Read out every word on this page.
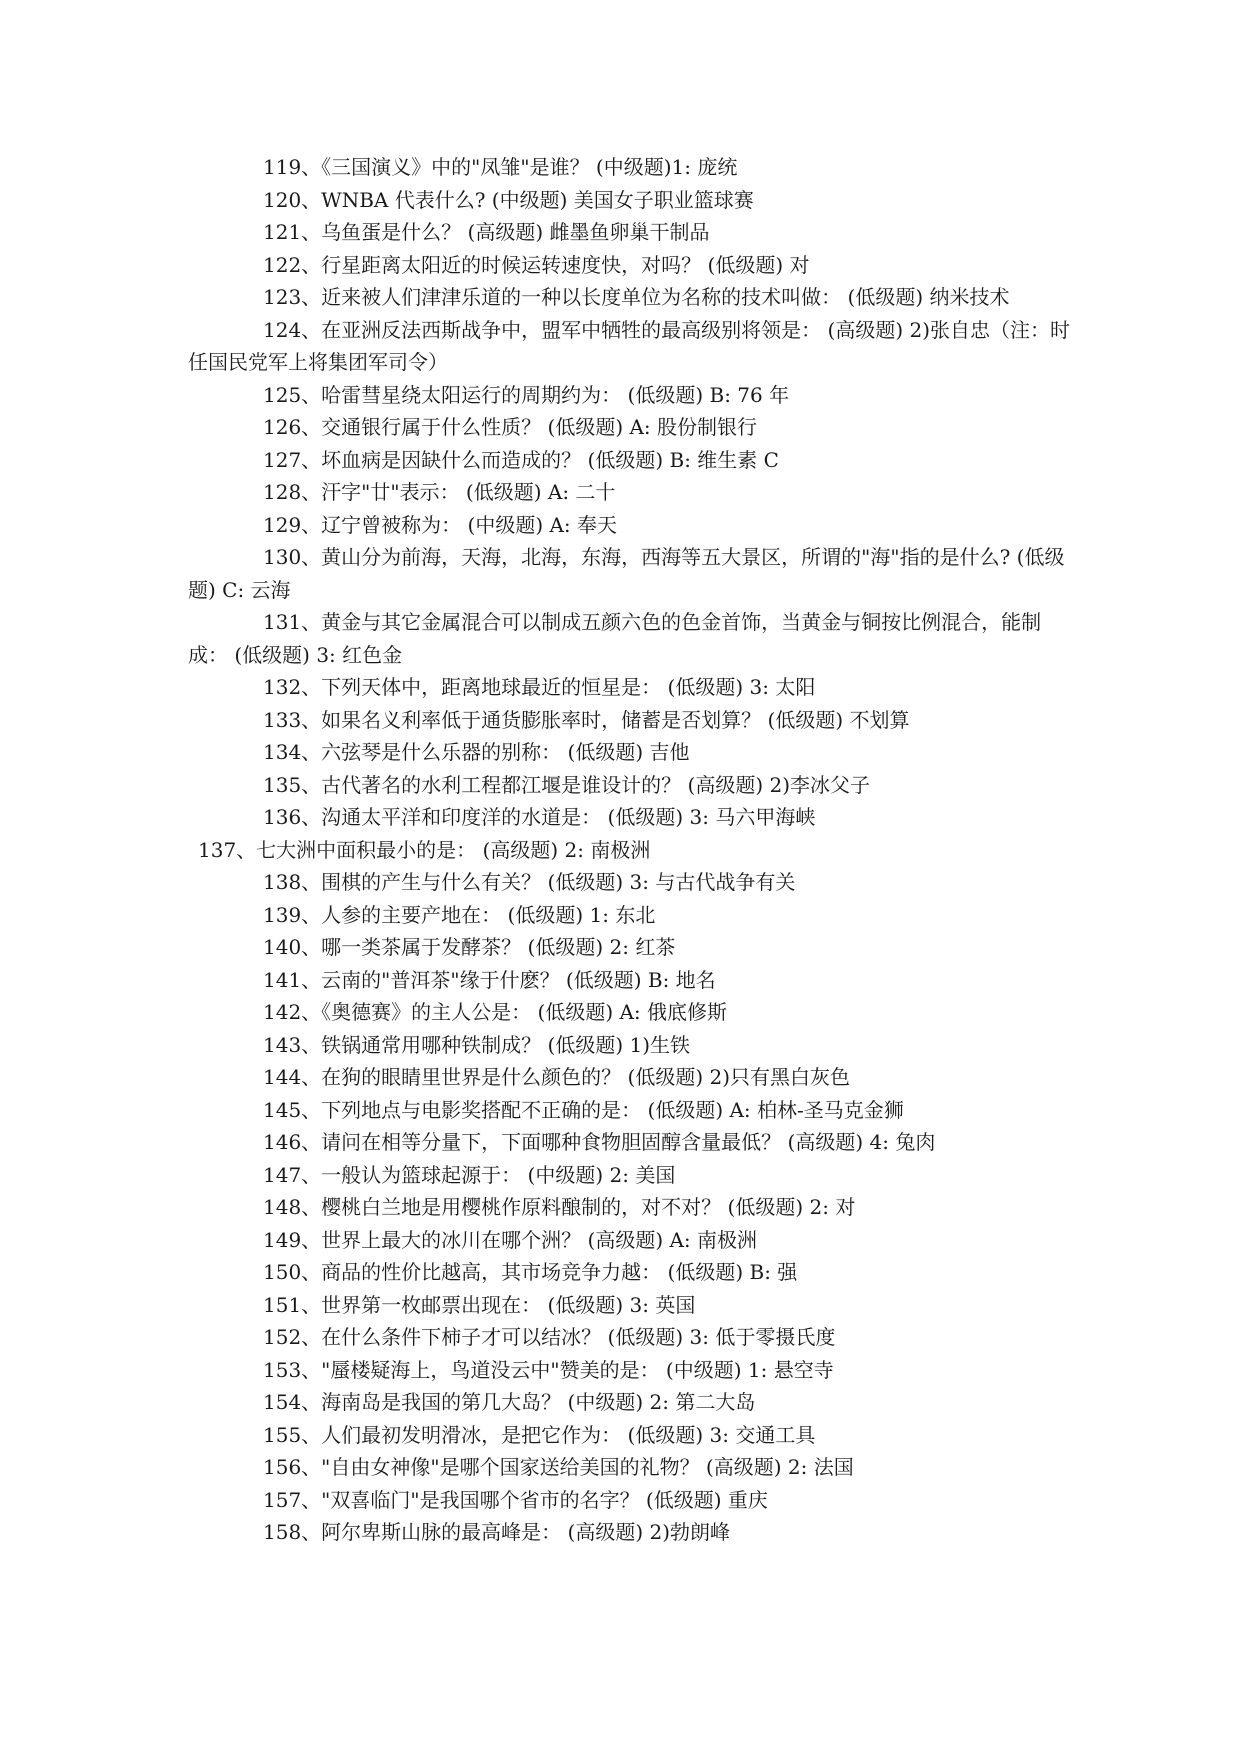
119、《三国演义》中的"凤雏"是谁？ (中级题)1: 庞统

120、WNBA 代表什么? (中级题) 美国女子职业篮球赛

121、乌鱼蛋是什么？ (高级题) 雌墨鱼卵巢干制品

122、行星距离太阳近的时候运转速度快，对吗？ (低级题) 对

123、近来被人们津津乐道的一种以长度单位为名称的技术叫做： (低级题) 纳米技术

124、在亚洲反法西斯战争中，盟军中牺牲的最高级别将领是： (高级题) 2)张自忠（注：时任国民党军上将集团军司令）

125、哈雷彗星绕太阳运行的周期约为： (低级题) B: 76 年

126、交通银行属于什么性质？ (低级题) A: 股份制银行

127、坏血病是因缺什么而造成的？ (低级题) B: 维生素 C

128、汗字"廿"表示： (低级题) A: 二十

129、辽宁曾被称为： (中级题) A: 奉天

130、黄山分为前海，天海，北海，东海，西海等五大景区，所谓的"海"指的是什么? (低级题) C: 云海

131、黄金与其它金属混合可以制成五颜六色的色金首饰，当黄金与铜按比例混合，能制成： (低级题) 3: 红色金

132、下列天体中，距离地球最近的恒星是： (低级题) 3: 太阳

133、如果名义利率低于通货膨胀率时，储蓄是否划算？ (低级题) 不划算

134、六弦琴是什么乐器的别称： (低级题) 吉他

135、古代著名的水利工程都江堰是谁设计的？ (高级题) 2)李冰父子

136、沟通太平洋和印度洋的水道是： (低级题) 3: 马六甲海峡

137、七大洲中面积最小的是： (高级题) 2: 南极洲

138、围棋的产生与什么有关？ (低级题) 3: 与古代战争有关

139、人参的主要产地在： (低级题) 1: 东北

140、哪一类茶属于发酵茶？ (低级题) 2: 红茶

141、云南的"普洱茶"缘于什麽？ (低级题) B: 地名

142、《奥德赛》的主人公是： (低级题) A: 俄底修斯

143、铁锅通常用哪种铁制成？ (低级题) 1)生铁

144、在狗的眼睛里世界是什么颜色的？ (低级题) 2)只有黑白灰色

145、下列地点与电影奖搭配不正确的是： (低级题) A: 柏林-圣马克金狮

146、请问在相等分量下，下面哪种食物胆固醇含量最低？ (高级题) 4: 兔肉

147、一般认为篮球起源于： (中级题) 2: 美国

148、樱桃白兰地是用樱桃作原料酿制的，对不对？ (低级题) 2: 对

149、世界上最大的冰川在哪个洲？ (高级题) A: 南极洲

150、商品的性价比越高，其市场竞争力越： (低级题) B: 强

151、世界第一枚邮票出现在： (低级题) 3: 英国

152、在什么条件下柿子才可以结冰？ (低级题) 3: 低于零摄氏度

153、"蜃楼疑海上，鸟道没云中"赞美的是： (中级题) 1: 悬空寺

154、海南岛是我国的第几大岛？ (中级题) 2: 第二大岛

155、人们最初发明滑冰，是把它作为： (低级题) 3: 交通工具

156、"自由女神像"是哪个国家送给美国的礼物？ (高级题) 2: 法国

157、"双喜临门"是我国哪个省市的名字？ (低级题) 重庆

158、阿尔卑斯山脉的最高峰是： (高级题) 2)勃朗峰
